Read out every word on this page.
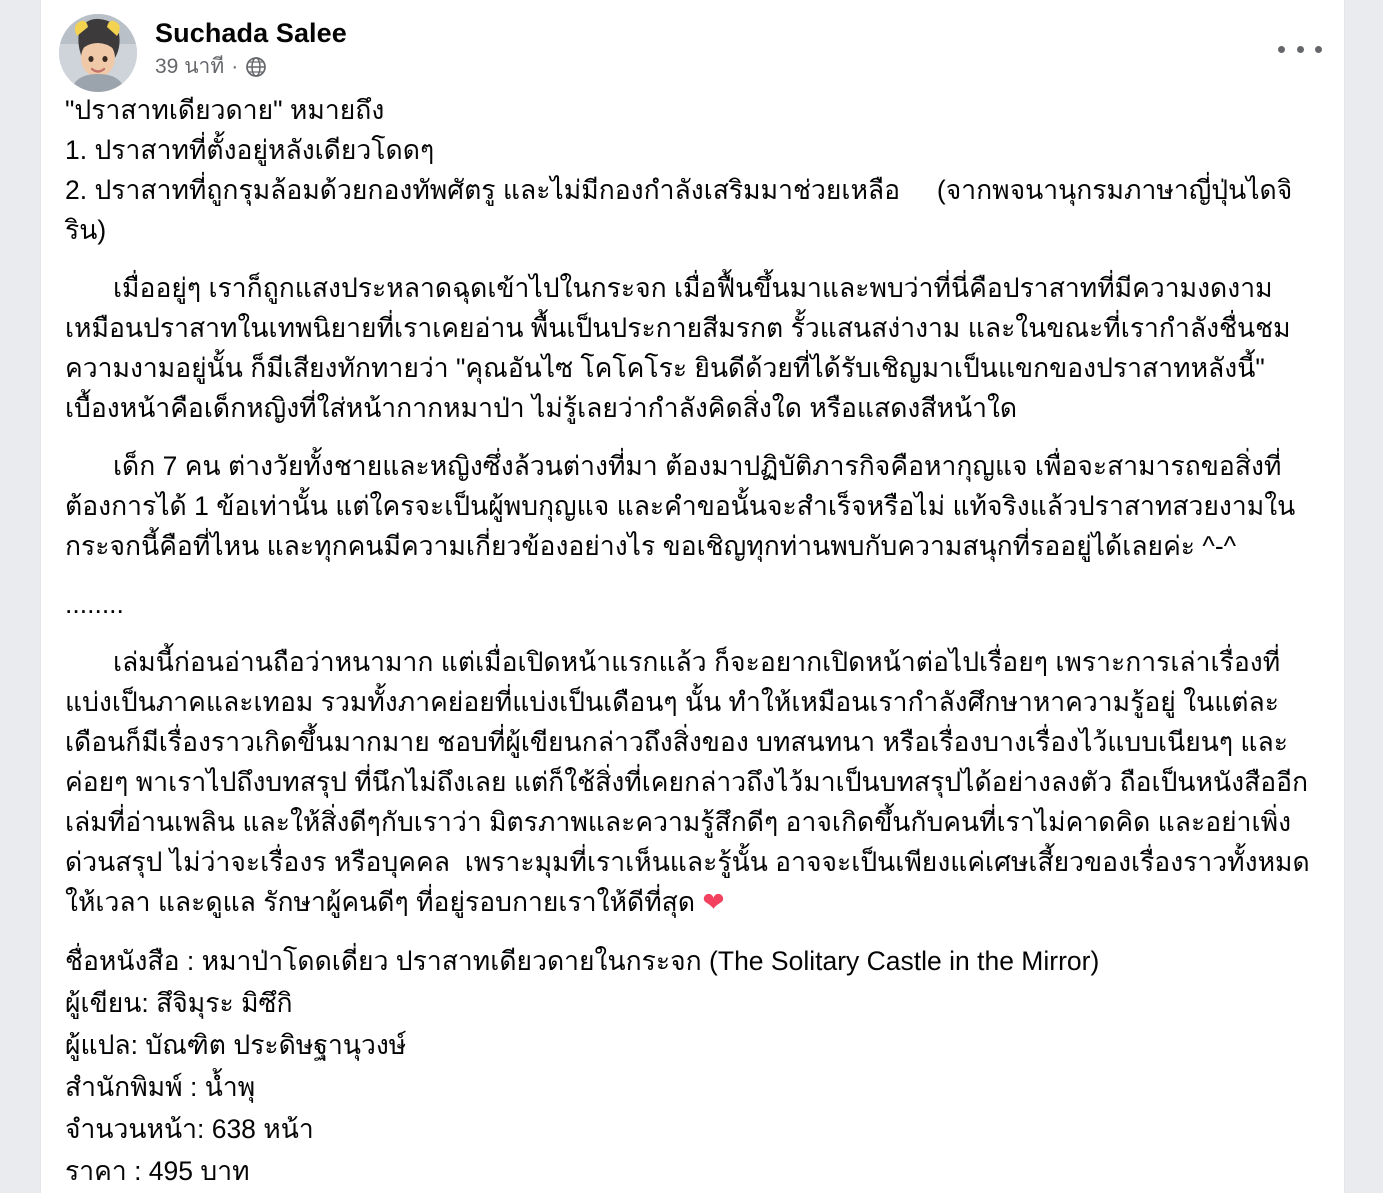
Suchada Salee
39 นาที ·

"ปราสาทเดียวดาย" หมายถึง

1. ปราสาทที่ตั้งอยู่หลังเดียวโดดๆ

2. ปราสาทที่ถูกรุมล้อมด้วยกองทัพศัตรู และไม่มีกองกำลังเสริมมาช่วยเหลือ     (จากพจนานุกรมภาษาญี่ปุ่นไดจิริน)

เมื่ออยู่ๆ เราก็ถูกแสงประหลาดฉุดเข้าไปในกระจก เมื่อฟื้นขึ้นมาและพบว่าที่นี่คือปราสาทที่มีความงดงาม เหมือนปราสาทในเทพนิยายที่เราเคยอ่าน พื้นเป็นประกายสีมรกต รั้วแสนสง่างาม และในขณะที่เรากำลังชื่นชมความงามอยู่นั้น ก็มีเสียงทักทายว่า "คุณอันไซ โคโคโระ ยินดีด้วยที่ได้รับเชิญมาเป็นแขกของปราสาทหลังนี้" เบื้องหน้าคือเด็กหญิงที่ใส่หน้ากากหมาป่า ไม่รู้เลยว่ากำลังคิดสิ่งใด หรือแสดงสีหน้าใด

เด็ก 7 คน ต่างวัยทั้งชายและหญิงซึ่งล้วนต่างที่มา ต้องมาปฏิบัติภารกิจคือหากุญแจ เพื่อจะสามารถขอสิ่งที่ต้องการได้ 1 ข้อเท่านั้น แต่ใครจะเป็นผู้พบกุญแจ และคำขอนั้นจะสำเร็จหรือไม่ แท้จริงแล้วปราสาทสวยงามในกระจกนี้คือที่ไหน และทุกคนมีความเกี่ยวข้องอย่างไร ขอเชิญทุกท่านพบกับความสนุกที่รออยู่ได้เลยค่ะ ^-^

........

เล่มนี้ก่อนอ่านถือว่าหนามาก แต่เมื่อเปิดหน้าแรกแล้ว ก็จะอยากเปิดหน้าต่อไปเรื่อยๆ เพราะการเล่าเรื่องที่แบ่งเป็นภาคและเทอม รวมทั้งภาคย่อยที่แบ่งเป็นเดือนๆ นั้น ทำให้เหมือนเรากำลังศึกษาหาความรู้อยู่ ในแต่ละเดือนก็มีเรื่องราวเกิดขึ้นมากมาย ชอบที่ผู้เขียนกล่าวถึงสิ่งของ บทสนทนา หรือเรื่องบางเรื่องไว้แบบเนียนๆ และค่อยๆ พาเราไปถึงบทสรุป ที่นึกไม่ถึงเลย แต่ก็ใช้สิ่งที่เคยกล่าวถึงไว้มาเป็นบทสรุปได้อย่างลงตัว ถือเป็นหนังสืออีกเล่มที่อ่านเพลิน และให้สิ่งดีๆกับเราว่า มิตรภาพและความรู้สึกดีๆ อาจเกิดขึ้นกับคนที่เราไม่คาดคิด และอย่าเพิ่งด่วนสรุป ไม่ว่าจะเรื่องร หรือบุคคล  เพราะมุมที่เราเห็นและรู้นั้น อาจจะเป็นเพียงแค่เศษเสี้ยวของเรื่องราวทั้งหมด ให้เวลา และดูแล รักษาผู้คนดีๆ ที่อยู่รอบกายเราให้ดีที่สุด ❤

ชื่อหนังสือ : หมาป่าโดดเดี่ยว ปราสาทเดียวดายในกระจก (The Solitary Castle in the Mirror)

ผู้เขียน: สึจิมุระ มิซึกิ

ผู้แปล: บัณฑิต ประดิษฐานุวงษ์

สำนักพิมพ์ : น้ำพุ

จำนวนหน้า: 638 หน้า

ราคา : 495 บาท
